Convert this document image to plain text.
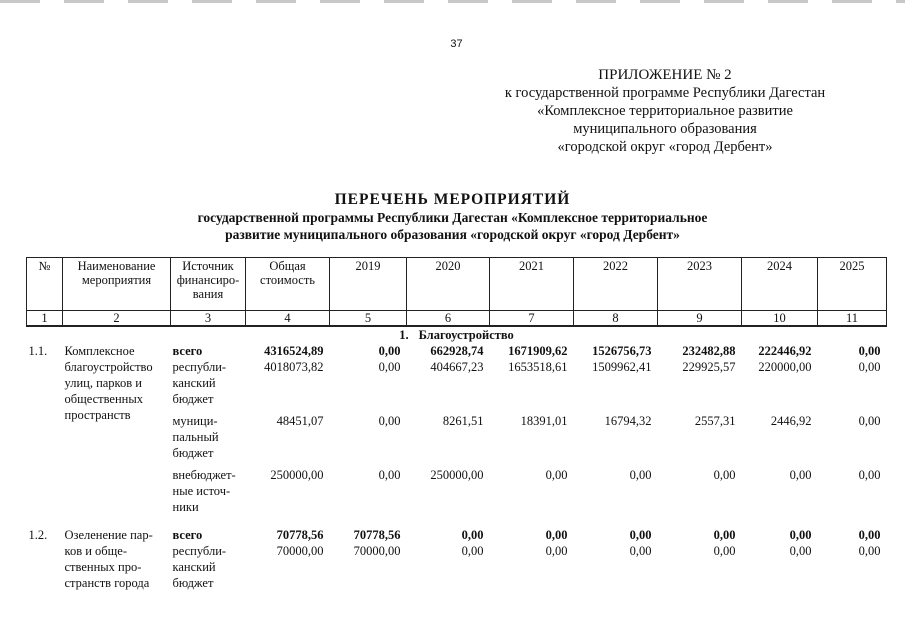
37
ПРИЛОЖЕНИЕ № 2
к государственной программе Республики Дагестан
«Комплексное территориальное развитие
муниципального образования
«городской округ «город Дербент»
ПЕРЕЧЕНЬ МЕРОПРИЯТИЙ
государственной программы Республики Дагестан «Комплексное территориальное
развитие муниципального образования «городской округ «город Дербент»
№	Наименование мероприятия	Источник финансиро-вания	Общая стоимость	2019	2020	2021	2022	2023	2024	2025
1	2	3	4	5	6	7	8	9	10	11
1. Благоустройство										
1.1.	Комплексное благоустройство улиц, парков и общественных пространств	всего	4316524,89	0,00	662928,74	1671909,62	1526756,73	232482,88	222446,92	0,00
		республи-канский бюджет	4018073,82	0,00	404667,23	1653518,61	1509962,41	229925,57	220000,00	0,00
		муници-пальный бюджет	48451,07	0,00	8261,51	18391,01	16794,32	2557,31	2446,92	0,00
		внебюджет-ные источ-ники	250000,00	0,00	250000,00	0,00	0,00	0,00	0,00	0,00

1.2.	Озеленение пар-ков и обще-ственных про-странств города	всего	70778,56	70778,56	0,00	0,00	0,00	0,00	0,00	0,00
		республи-канский бюджет	70000,00	70000,00	0,00	0,00	0,00	0,00	0,00	0,00
